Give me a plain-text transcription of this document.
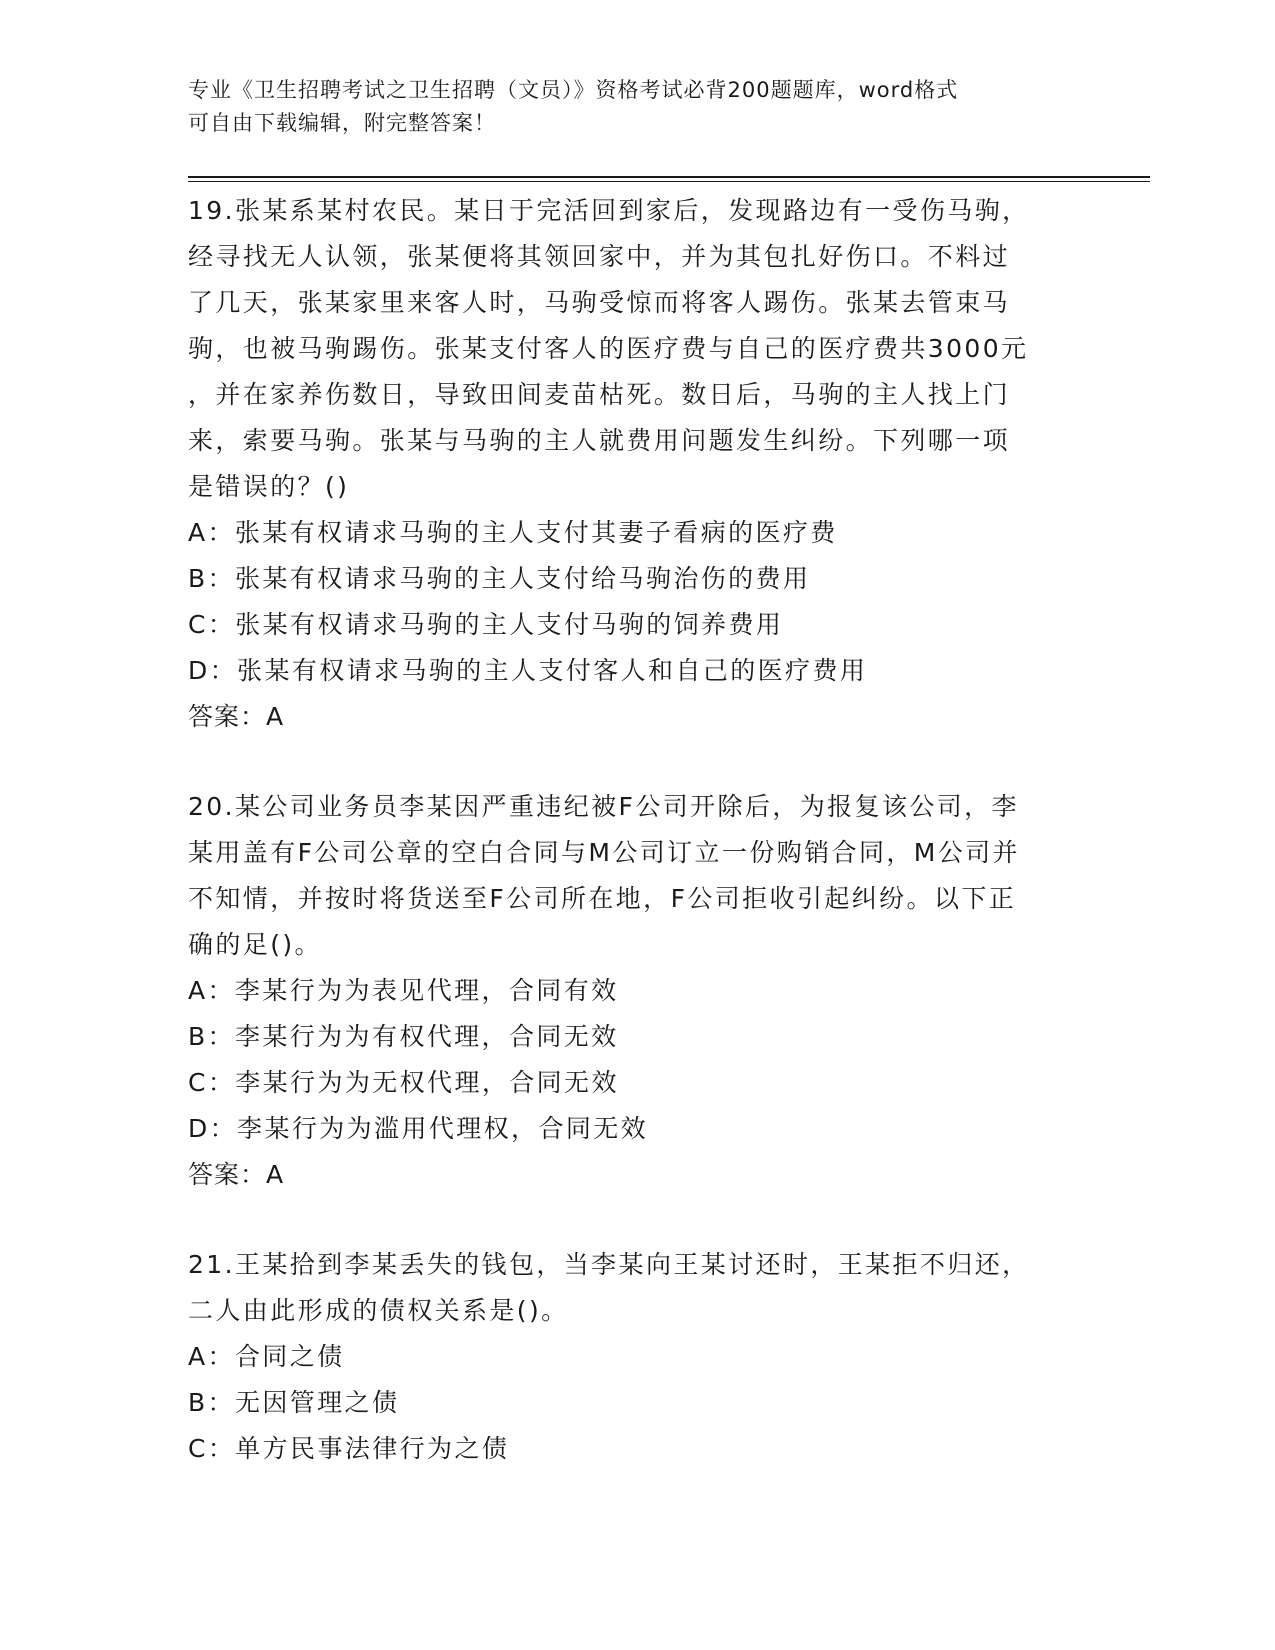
专业《卫生招聘考试之卫生招聘（文员）》资格考试必背200题题库，word格式
可自由下载编辑，附完整答案！
19.张某系某村农民。某日于完活回到家后，发现路边有一受伤马驹，
经寻找无人认领，张某便将其领回家中，并为其包扎好伤口。不料过
了几天，张某家里来客人时，马驹受惊而将客人踢伤。张某去管束马
驹，也被马驹踢伤。张某支付客人的医疗费与自己的医疗费共3000元
，并在家养伤数日，导致田间麦苗枯死。数日后，马驹的主人找上门
来，索要马驹。张某与马驹的主人就费用问题发生纠纷。下列哪一项
是错误的？()
A：张某有权请求马驹的主人支付其妻子看病的医疗费
B：张某有权请求马驹的主人支付给马驹治伤的费用
C：张某有权请求马驹的主人支付马驹的饲养费用
D：张某有权请求马驹的主人支付客人和自己的医疗费用
答案：A
20.某公司业务员李某因严重违纪被F公司开除后，为报复该公司，李
某用盖有F公司公章的空白合同与M公司订立一份购销合同，M公司并
不知情，并按时将货送至F公司所在地，F公司拒收引起纠纷。以下正
确的足()。
A：李某行为为表见代理，合同有效
B：李某行为为有权代理，合同无效
C：李某行为为无权代理，合同无效
D：李某行为为滥用代理权，合同无效
答案：A
21.王某拾到李某丢失的钱包，当李某向王某讨还时，王某拒不归还，
二人由此形成的债权关系是()。
A：合同之债
B：无因管理之债
C：单方民事法律行为之债
